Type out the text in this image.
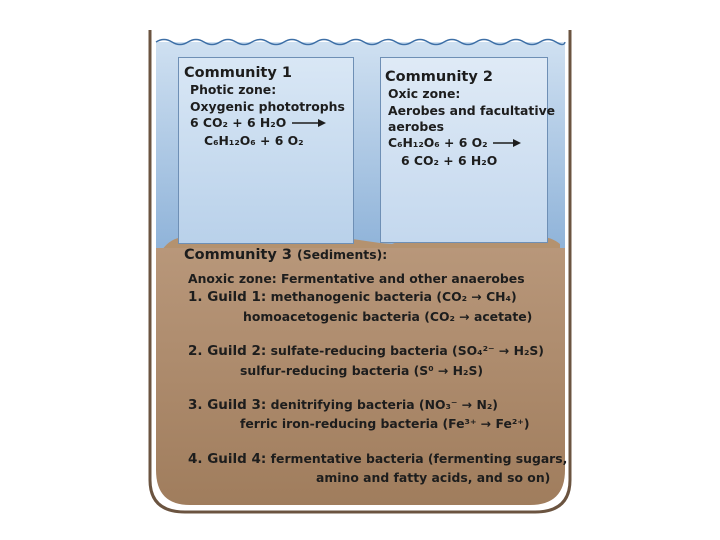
Community 1
Photic zone:
Oxygenic phototrophs
6 CO₂ + 6 H₂O →
C₆H₁₂O₆ + 6 O₂
Community 2
Oxic zone:
Aerobes and facultative
aerobes
C₆H₁₂O₆ + 6 O₂ →
6 CO₂ + 6 H₂O
Community 3 (Sediments):
Anoxic zone: Fermentative and other anaerobes
1. Guild 1: methanogenic bacteria (CO₂ → CH₄)
homoacetogenic bacteria (CO₂ → acetate)
2. Guild 2: sulfate-reducing bacteria (SO₄²⁻ → H₂S)
sulfur-reducing bacteria (S⁰ → H₂S)
3. Guild 3: denitrifying bacteria (NO₃⁻ → N₂)
ferric iron-reducing bacteria (Fe³⁺ → Fe²⁺)
4. Guild 4: fermentative bacteria (fermenting sugars,
amino and fatty acids, and so on)
